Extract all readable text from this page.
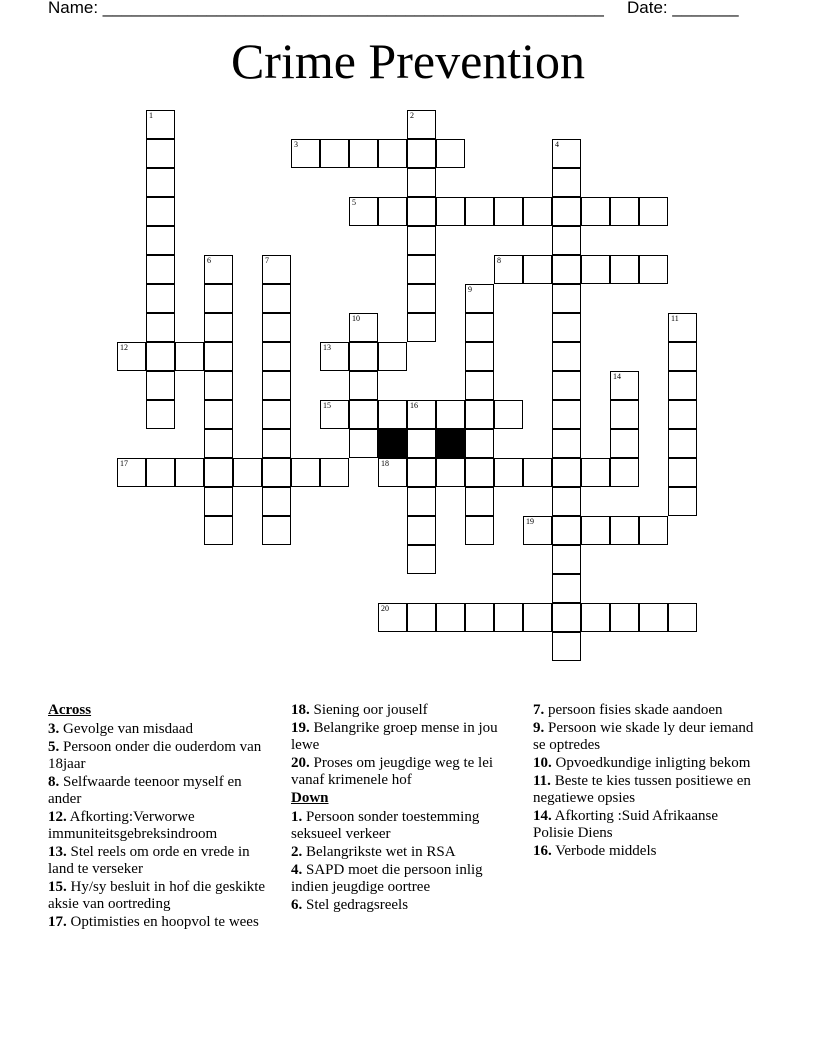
Name: _____________________________________________________ Date: _______
Crime Prevention
1	2
3	4
5
6	7	8
9
10	11
12	13
14
15	16
17	18
19
20
Across
3. Gevolge van misdaad
5. Persoon onder die ouderdom van 18jaar
8. Selfwaarde teenoor myself en ander
12. Afkorting:Verworwe immuniteitsgebreksindroom
13. Stel reels om orde en vrede in land te verseker
15. Hy/sy besluit in hof die geskikte aksie van oortreding
17. Optimisties en hoopvol te wees
18. Siening oor jouself
19. Belangrike groep mense in jou lewe
20. Proses om jeugdige weg te lei vanaf krimenele hof
Down
1. Persoon sonder toestemming seksueel verkeer
2. Belangrikste wet in RSA
4. SAPD moet die persoon inlig indien jeugdige oortree
6. Stel gedragsreels
7. persoon fisies skade aandoen
9. Persoon wie skade ly deur iemand se optredes
10. Opvoedkundige inligting bekom
11. Beste te kies tussen positiewe en negatiewe opsies
14. Afkorting :Suid Afrikaanse Polisie Diens
16. Verbode middels
